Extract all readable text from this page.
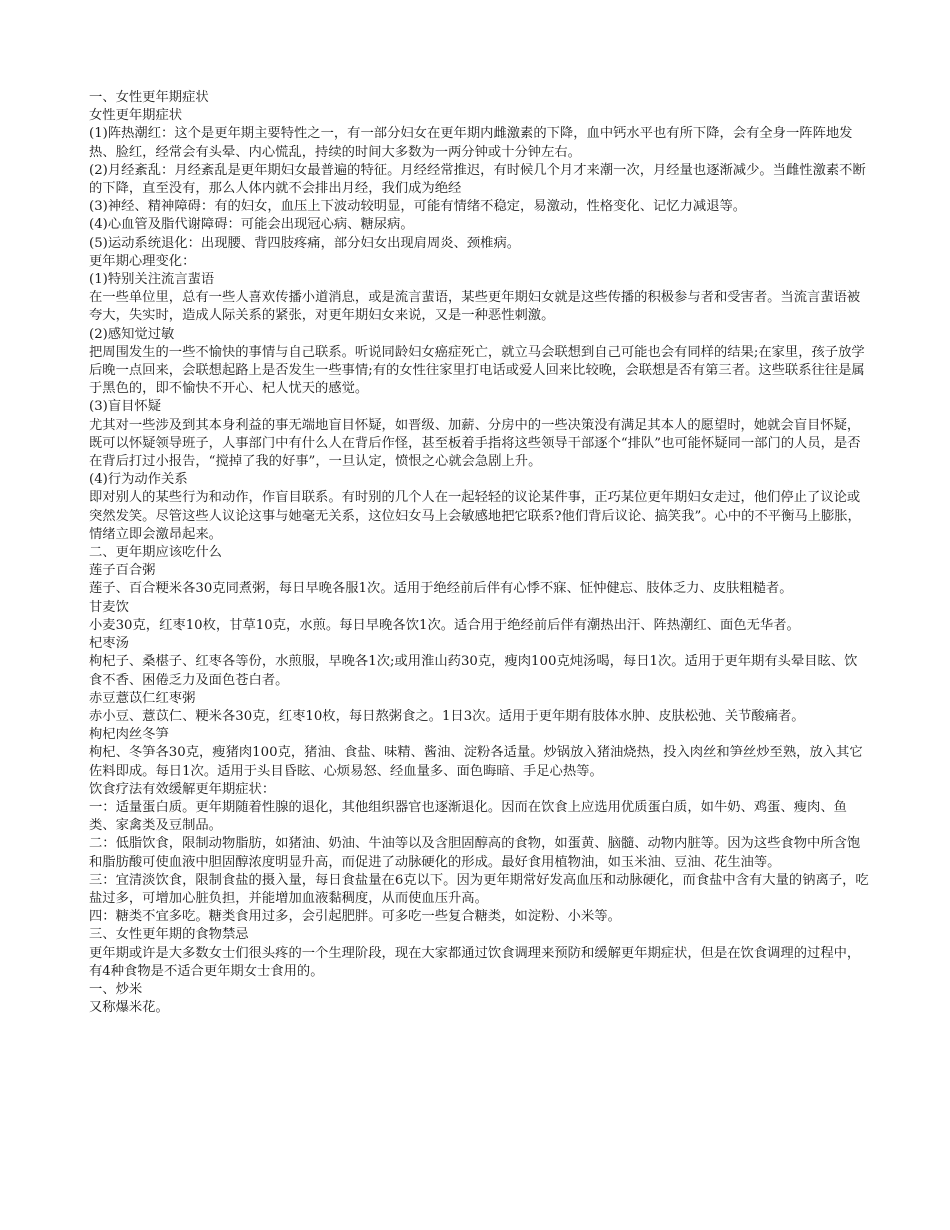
一、女性更年期症状

女性更年期症状

(1)阵热潮红：这个是更年期主要特性之一，有一部分妇女在更年期内雌激素的下降，血中钙水平也有所下降，会有全身一阵阵地发热、脸红，经常会有头晕、内心慌乱，持续的时间大多数为一两分钟或十分钟左右。

(2)月经紊乱：月经紊乱是更年期妇女最普遍的特征。月经经常推迟，有时候几个月才来潮一次，月经量也逐渐减少。当雌性激素不断的下降，直至没有，那么人体内就不会排出月经，我们成为绝经

(3)神经、精神障碍：有的妇女，血压上下波动较明显，可能有情绪不稳定，易激动，性格变化、记忆力减退等。

(4)心血管及脂代谢障碍：可能会出现冠心病、糖尿病。

(5)运动系统退化：出现腰、背四肢疼痛，部分妇女出现肩周炎、颈椎病。

更年期心理变化：

(1)特别关注流言蜚语

在一些单位里，总有一些人喜欢传播小道消息，或是流言蜚语，某些更年期妇女就是这些传播的积极参与者和受害者。当流言蜚语被夸大，失实时，造成人际关系的紧张，对更年期妇女来说，又是一种恶性刺激。

(2)感知觉过敏

把周围发生的一些不愉快的事情与自己联系。听说同龄妇女癌症死亡，就立马会联想到自己可能也会有同样的结果;在家里，孩子放学后晚一点回来，会联想起路上是否发生一些事情;有的女性往家里打电话或爱人回来比较晚，会联想是否有第三者。这些联系往往是属于黑色的，即不愉快不开心、杞人忧天的感觉。

(3)盲目怀疑

尤其对一些涉及到其本身利益的事无端地盲目怀疑，如晋级、加薪、分房中的一些决策没有满足其本人的愿望时，她就会盲目怀疑，既可以怀疑领导班子，人事部门中有什么人在背后作怪，甚至板着手指将这些领导干部逐个“排队”也可能怀疑同一部门的人员，是否在背后打过小报告，“搅掉了我的好事”，一旦认定，愤恨之心就会急剧上升。

(4)行为动作关系

即对别人的某些行为和动作，作盲目联系。有时别的几个人在一起轻轻的议论某件事，正巧某位更年期妇女走过，他们停止了议论或突然发笑。尽管这些人议论这事与她毫无关系，这位妇女马上会敏感地把它联系?他们背后议论、搞笑我”。心中的不平衡马上膨胀，情绪立即会激昂起来。

二、更年期应该吃什么

莲子百合粥

莲子、百合粳米各30克同煮粥，每日早晚各服1次。适用于绝经前后伴有心悸不寐、怔忡健忘、肢体乏力、皮肤粗糙者。

甘麦饮

小麦30克，红枣10枚，甘草10克，水煎。每日早晚各饮1次。适合用于绝经前后伴有潮热出汗、阵热潮红、面色无华者。

杞枣汤

枸杞子、桑椹子、红枣各等份，水煎服，早晚各1次;或用淮山药30克，瘦肉100克炖汤喝，每日1次。适用于更年期有头晕目眩、饮食不香、困倦乏力及面色苍白者。

赤豆薏苡仁红枣粥

赤小豆、薏苡仁、粳米各30克，红枣10枚，每日熬粥食之。1日3次。适用于更年期有肢体水肿、皮肤松弛、关节酸痛者。

枸杞肉丝冬笋

枸杞、冬笋各30克，瘦猪肉100克，猪油、食盐、味精、酱油、淀粉各适量。炒锅放入猪油烧热，投入肉丝和笋丝炒至熟，放入其它佐料即成。每日1次。适用于头目昏眩、心烦易怒、经血量多、面色晦暗、手足心热等。

饮食疗法有效缓解更年期症状：

一：适量蛋白质。更年期随着性腺的退化，其他组织器官也逐渐退化。因而在饮食上应选用优质蛋白质，如牛奶、鸡蛋、瘦肉、鱼类、家禽类及豆制品。

二：低脂饮食，限制动物脂肪，如猪油、奶油、牛油等以及含胆固醇高的食物，如蛋黄、脑髓、动物内脏等。因为这些食物中所含饱和脂肪酸可使血液中胆固醇浓度明显升高，而促进了动脉硬化的形成。最好食用植物油，如玉米油、豆油、花生油等。

三：宜清淡饮食，限制食盐的摄入量，每日食盐量在6克以下。因为更年期常好发高血压和动脉硬化，而食盐中含有大量的钠离子，吃盐过多，可增加心脏负担，并能增加血液黏稠度，从而使血压升高。

四：糖类不宜多吃。糖类食用过多，会引起肥胖。可多吃一些复合糖类，如淀粉、小米等。

三、女性更年期的食物禁忌

更年期或许是大多数女士们很头疼的一个生理阶段，现在大家都通过饮食调理来预防和缓解更年期症状，但是在饮食调理的过程中，有4种食物是不适合更年期女士食用的。

一、炒米

又称爆米花。
